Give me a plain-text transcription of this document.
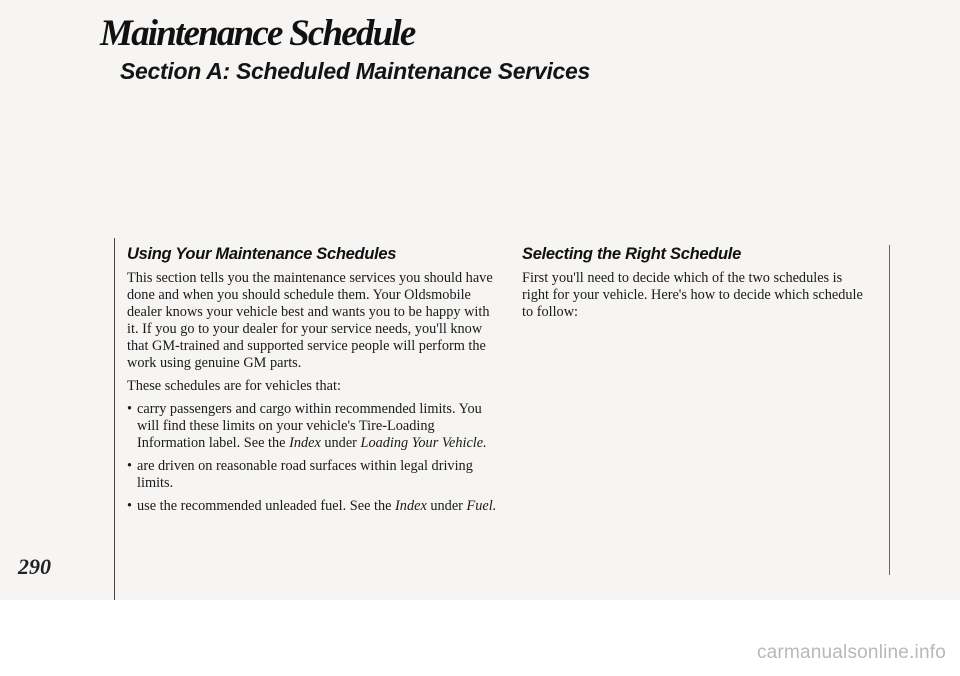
Maintenance Schedule
Section A: Scheduled Maintenance Services
290
Using Your Maintenance Schedules

This section tells you the maintenance services you should have done and when you should schedule them. Your Oldsmobile dealer knows your vehicle best and wants you to be happy with it. If you go to your dealer for your service needs, you'll know that GM-trained and supported service people will perform the work using genuine GM parts.

These schedules are for vehicles that:

• carry passengers and cargo within recommended limits. You will find these limits on your vehicle's Tire-Loading Information label. See the Index under Loading Your Vehicle.
• are driven on reasonable road surfaces within legal driving limits.
• use the recommended unleaded fuel. See the Index under Fuel.
Selecting the Right Schedule

First you'll need to decide which of the two schedules is right for your vehicle. Here's how to decide which schedule to follow:

carmanualsonline.info
